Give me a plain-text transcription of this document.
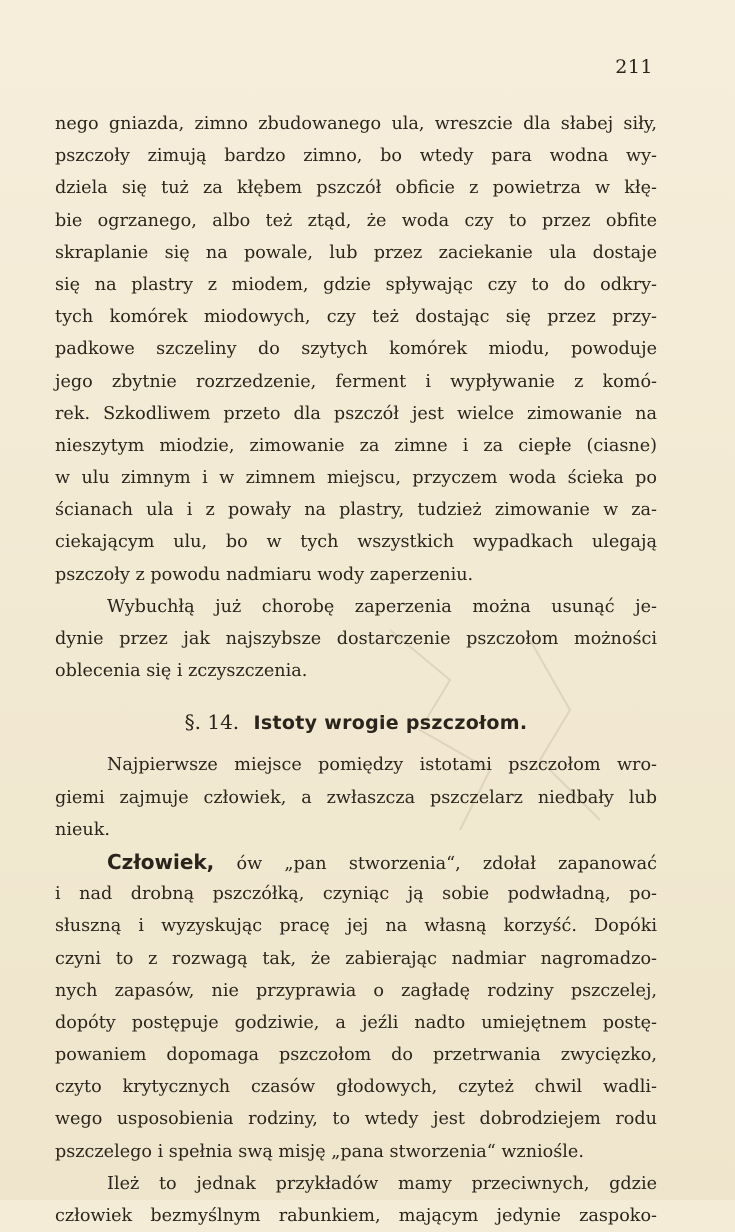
211
nego gniazda, zimno zbudowanego ula, wreszcie dla słabej siły,
pszczoły zimują bardzo zimno, bo wtedy para wodna wy-
dziela się tuż za kłębem pszczół obficie z powietrza w kłę-
bie ogrzanego, albo też ztąd, że woda czy to przez obfite
skraplanie się na powale, lub przez zaciekanie ula dostaje
się na plastry z miodem, gdzie spływając czy to do odkry-
tych komórek miodowych, czy też dostając się przez przy-
padkowe szczeliny do szytych komórek miodu, powoduje
jego zbytnie rozrzedzenie, ferment i wypływanie z komó-
rek. Szkodliwem przeto dla pszczół jest wielce zimowanie na
nieszytym miodzie, zimowanie za zimne i za ciepłe (ciasne)
w ulu zimnym i w zimnem miejscu, przyczem woda ścieka po
ścianach ula i z powały na plastry, tudzież zimowanie w za-
ciekającym ulu, bo w tych wszystkich wypadkach ulegają
pszczoły z powodu nadmiaru wody zaperzeniu.
Wybuchłą już chorobę zaperzenia można usunąć je-
dynie przez jak najszybsze dostarczenie pszczołom możności
oblecenia się i zczyszczenia.
§. 14. Istoty wrogie pszczołom.
Najpierwsze miejsce pomiędzy istotami pszczołom wro-
giemi zajmuje człowiek, a zwłaszcza pszczelarz niedbały lub
nieuk.
Człowiek, ów „pan stworzenia“, zdołał zapanować
i nad drobną pszczółką, czyniąc ją sobie podwładną, po-
słuszną i wyzyskując pracę jej na własną korzyść. Dopóki
czyni to z rozwagą tak, że zabierając nadmiar nagromadzo-
nych zapasów, nie przyprawia o zagładę rodziny pszczelej,
dopóty postępuje godziwie, a jeźli nadto umiejętnem postę-
powaniem dopomaga pszczołom do przetrwania zwycięzko,
czyto krytycznych czasów głodowych, czyteż chwil wadli-
wego usposobienia rodziny, to wtedy jest dobrodziejem rodu
pszczelego i spełnia swą misję „pana stworzenia“ wzniośle.
Ileż to jednak przykładów mamy przeciwnych, gdzie
człowiek bezmyślnym rabunkiem, mającym jedynie zaspoko-
